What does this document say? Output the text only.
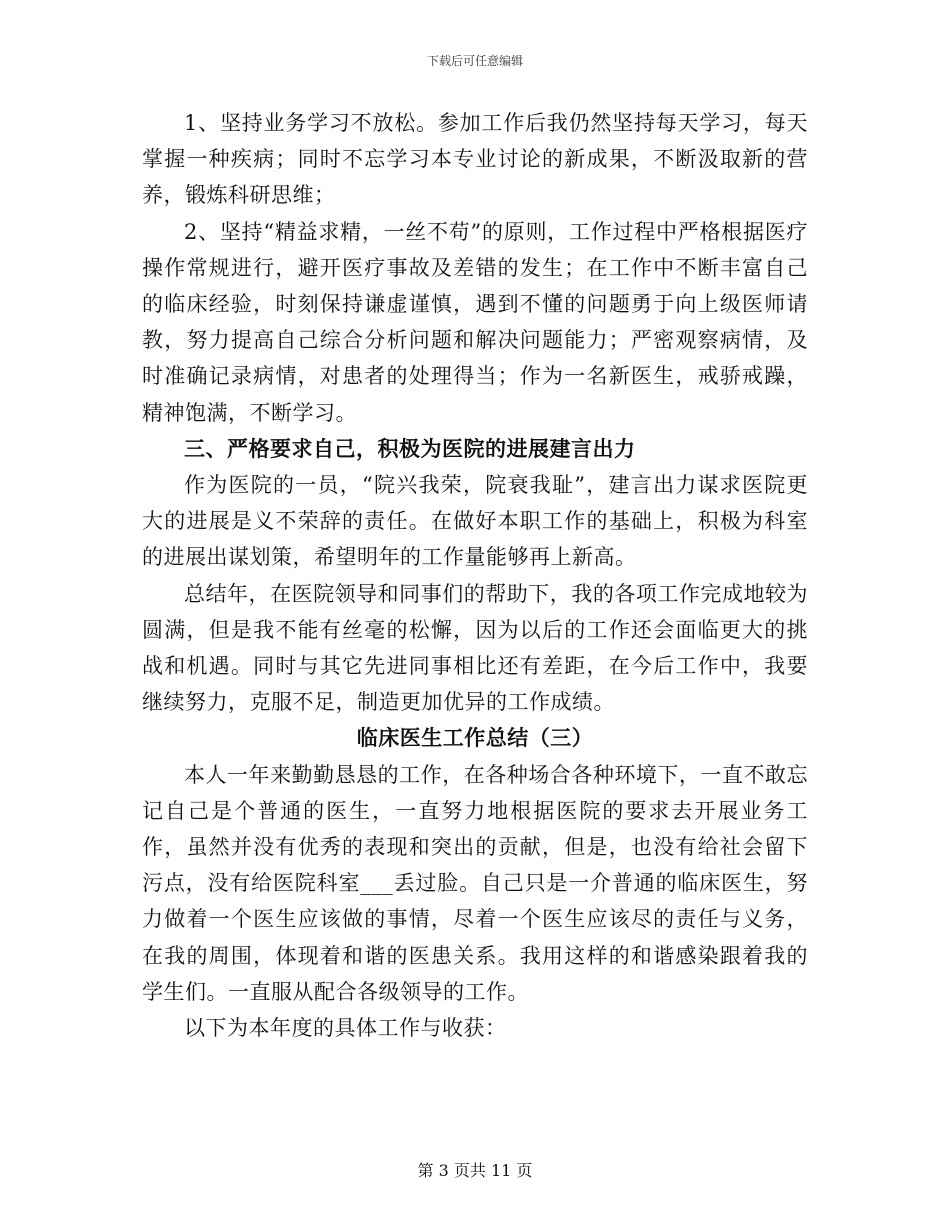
下载后可任意编辑

1、坚持业务学习不放松。参加工作后我仍然坚持每天学习，每天掌握一种疾病；同时不忘学习本专业讨论的新成果，不断汲取新的营养，锻炼科研思维；

2、坚持“精益求精，一丝不苟”的原则，工作过程中严格根据医疗操作常规进行，避开医疗事故及差错的发生；在工作中不断丰富自己的临床经验，时刻保持谦虚谨慎，遇到不懂的问题勇于向上级医师请教，努力提高自己综合分析问题和解决问题能力；严密观察病情，及时准确记录病情，对患者的处理得当；作为一名新医生，戒骄戒躁，精神饱满，不断学习。

三、严格要求自己，积极为医院的进展建言出力

作为医院的一员，“院兴我荣，院衰我耻”，建言出力谋求医院更大的进展是义不荣辞的责任。在做好本职工作的基础上，积极为科室的进展出谋划策，希望明年的工作量能够再上新高。

总结年，在医院领导和同事们的帮助下，我的各项工作完成地较为圆满，但是我不能有丝毫的松懈，因为以后的工作还会面临更大的挑战和机遇。同时与其它先进同事相比还有差距，在今后工作中，我要继续努力，克服不足，制造更加优异的工作成绩。

临床医生工作总结（三）

本人一年来勤勤恳恳的工作，在各种场合各种环境下，一直不敢忘记自己是个普通的医生，一直努力地根据医院的要求去开展业务工作，虽然并没有优秀的表现和突出的贡献，但是，也没有给社会留下污点，没有给医院科室___丢过脸。自己只是一介普通的临床医生，努力做着一个医生应该做的事情，尽着一个医生应该尽的责任与义务，在我的周围，体现着和谐的医患关系。我用这样的和谐感染跟着我的学生们。一直服从配合各级领导的工作。

以下为本年度的具体工作与收获：

第 3 页共 11 页
